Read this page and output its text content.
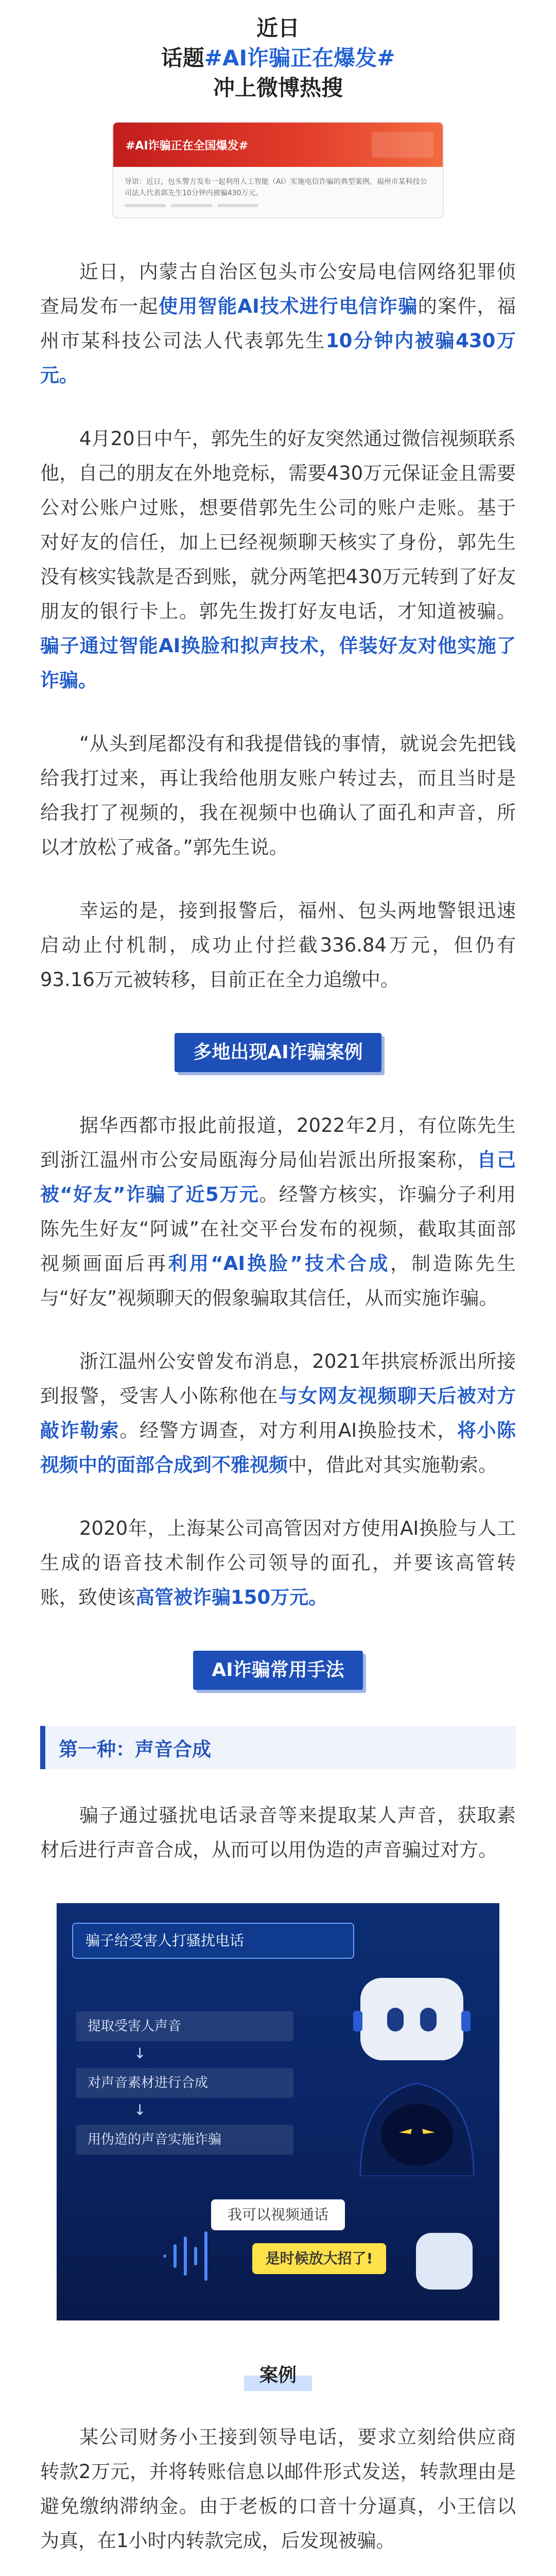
近日
话题#AI诈骗正在爆发#
冲上微博热搜
#AI诈骗正在全国爆发#
导语：近日，包头警方发布一起利用人工智能（AI）实施电信诈骗的典型案例，福州市某科技公司法人代表郭先生10分钟内被骗430万元。

近日，内蒙古自治区包头市公安局电信网络犯罪侦查局发布一起使用智能AI技术进行电信诈骗的案件，福州市某科技公司法人代表郭先生10分钟内被骗430万元。

4月20日中午，郭先生的好友突然通过微信视频联系他，自己的朋友在外地竞标，需要430万元保证金且需要公对公账户过账，想要借郭先生公司的账户走账。基于对好友的信任，加上已经视频聊天核实了身份，郭先生没有核实钱款是否到账，就分两笔把430万元转到了好友朋友的银行卡上。郭先生拨打好友电话，才知道被骗。骗子通过智能AI换脸和拟声技术，佯装好友对他实施了诈骗。

“从头到尾都没有和我提借钱的事情，就说会先把钱给我打过来，再让我给他朋友账户转过去，而且当时是给我打了视频的，我在视频中也确认了面孔和声音，所以才放松了戒备。”郭先生说。

幸运的是，接到报警后，福州、包头两地警银迅速启动止付机制，成功止付拦截336.84万元，但仍有93.16万元被转移，目前正在全力追缴中。

多地出现AI诈骗案例

据华西都市报此前报道，2022年2月，有位陈先生到浙江温州市公安局瓯海分局仙岩派出所报案称，自己被“好友”诈骗了近5万元。经警方核实，诈骗分子利用陈先生好友“阿诚”在社交平台发布的视频，截取其面部视频画面后再利用“AI换脸”技术合成，制造陈先生与“好友”视频聊天的假象骗取其信任，从而实施诈骗。

浙江温州公安曾发布消息，2021年拱宸桥派出所接到报警，受害人小陈称他在与女网友视频聊天后被对方敲诈勒索。经警方调查，对方利用AI换脸技术，将小陈视频中的面部合成到不雅视频中，借此对其实施勒索。

2020年，上海某公司高管因对方使用AI换脸与人工生成的语音技术制作公司领导的面孔，并要该高管转账，致使该高管被诈骗150万元。

AI诈骗常用手法
第一种：声音合成

骗子通过骚扰电话录音等来提取某人声音，获取素材后进行声音合成，从而可以用伪造的声音骗过对方。

骗子给受害人打骚扰电话
提取受害人声音
↓
对声音素材进行合成
↓
用伪造的声音实施诈骗
我可以视频通话
是时候放大招了!
案例

某公司财务小王接到领导电话，要求立刻给供应商转款2万元，并将转账信息以邮件形式发送，转款理由是避免缴纳滞纳金。由于老板的口音十分逼真，小王信以为真，在1小时内转款完成，后发现被骗。
